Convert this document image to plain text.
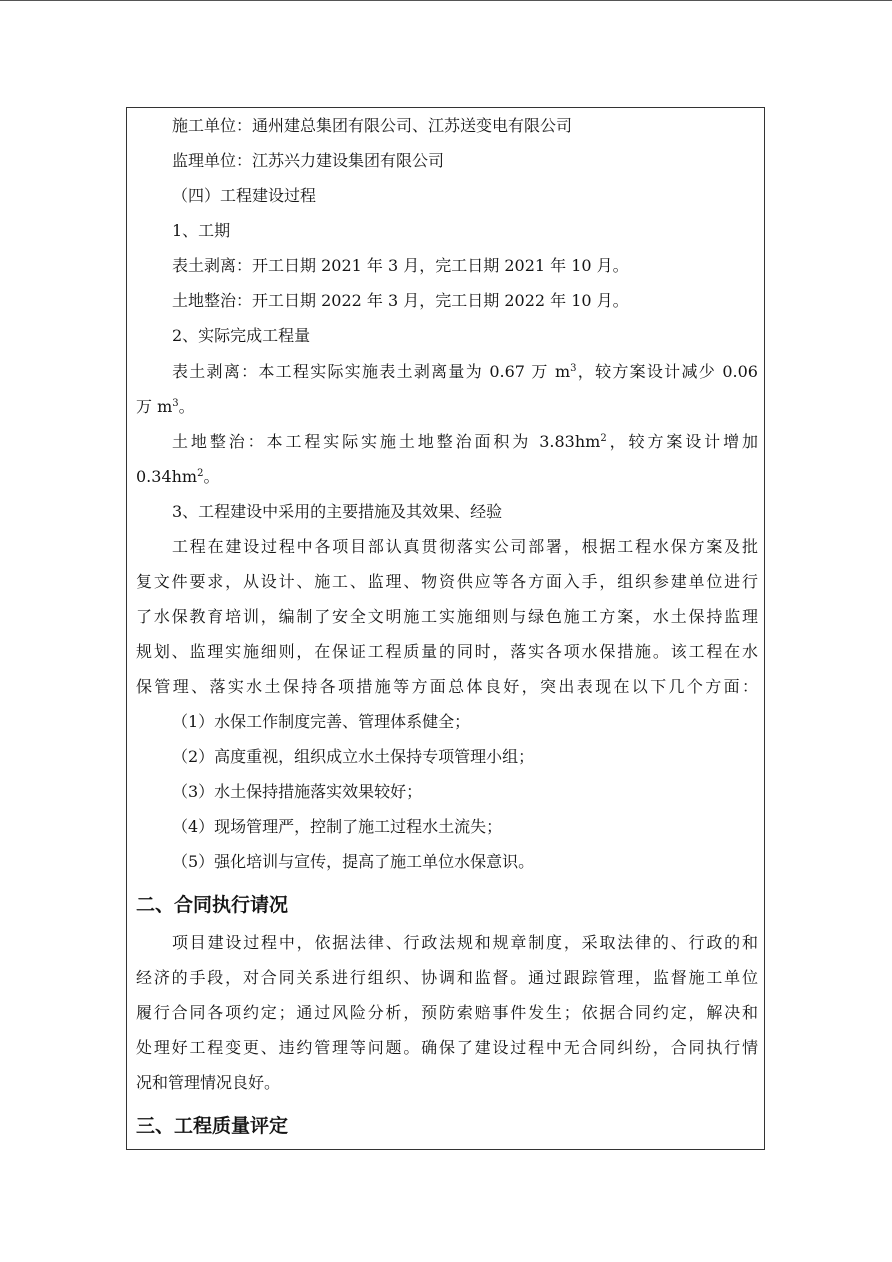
施工单位：通州建总集团有限公司、江苏送变电有限公司
监理单位：江苏兴力建设集团有限公司
（四）工程建设过程
1、工期
表土剥离：开工日期 2021 年 3 月，完工日期 2021 年 10 月。
土地整治：开工日期 2022 年 3 月，完工日期 2022 年 10 月。
2、实际完成工程量
表土剥离：本工程实际实施表土剥离量为 0.67 万 $m^3$，较方案设计减少 0.06
万 $m^3$。
土地整治：本工程实际实施土地整治面积为 $3.83hm^2$，较方案设计增加
$0.34hm^2$。
3、工程建设中采用的主要措施及其效果、经验
工程在建设过程中各项目部认真贯彻落实公司部署，根据工程水保方案及批
复文件要求，从设计、施工、监理、物资供应等各方面入手，组织参建单位进行
了水保教育培训，编制了安全文明施工实施细则与绿色施工方案，水土保持监理
规划、监理实施细则，在保证工程质量的同时，落实各项水保措施。该工程在水
保管理、落实水土保持各项措施等方面总体良好，突出表现在以下几个方面：
（1）水保工作制度完善、管理体系健全；
（2）高度重视，组织成立水土保持专项管理小组；
（3）水土保持措施落实效果较好；
（4）现场管理严，控制了施工过程水土流失；
（5）强化培训与宣传，提高了施工单位水保意识。
二、合同执行请况
项目建设过程中，依据法律、行政法规和规章制度，采取法律的、行政的和
经济的手段，对合同关系进行组织、协调和监督。通过跟踪管理，监督施工单位
履行合同各项约定；通过风险分析，预防索赔事件发生；依据合同约定，解决和
处理好工程变更、违约管理等问题。确保了建设过程中无合同纠纷，合同执行情
况和管理情况良好。
三、工程质量评定
